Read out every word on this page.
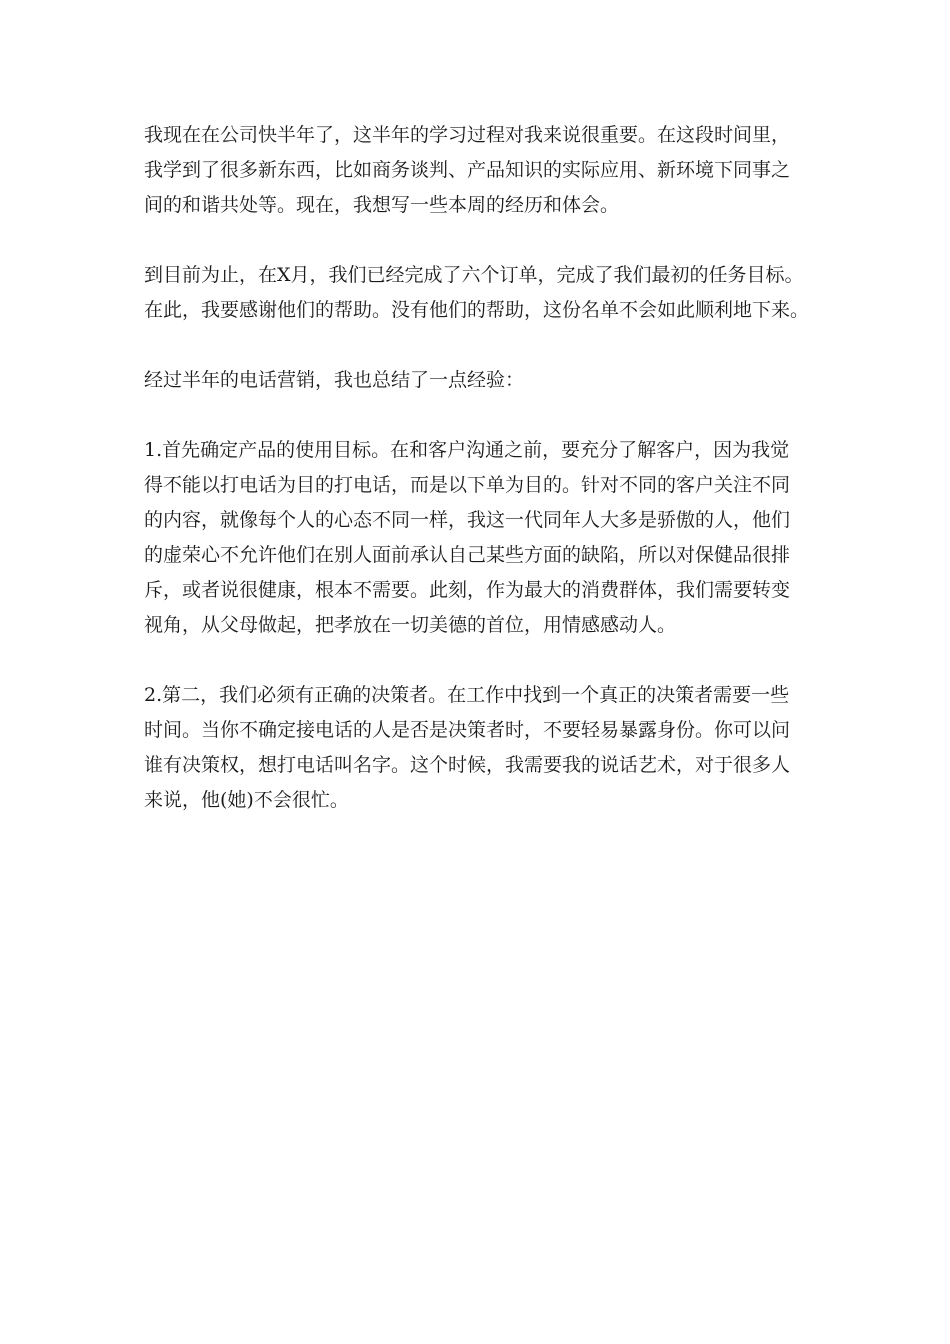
我现在在公司快半年了，这半年的学习过程对我来说很重要。在这段时间里，
我学到了很多新东西，比如商务谈判、产品知识的实际应用、新环境下同事之
间的和谐共处等。现在，我想写一些本周的经历和体会。

到目前为止，在X月，我们已经完成了六个订单，完成了我们最初的任务目标。
在此，我要感谢他们的帮助。没有他们的帮助，这份名单不会如此顺利地下来。

经过半年的电话营销，我也总结了一点经验：

1.首先确定产品的使用目标。在和客户沟通之前，要充分了解客户，因为我觉
得不能以打电话为目的打电话，而是以下单为目的。针对不同的客户关注不同
的内容，就像每个人的心态不同一样，我这一代同年人大多是骄傲的人，他们
的虚荣心不允许他们在别人面前承认自己某些方面的缺陷，所以对保健品很排
斥，或者说很健康，根本不需要。此刻，作为最大的消费群体，我们需要转变
视角，从父母做起，把孝放在一切美德的首位，用情感感动人。

2.第二，我们必须有正确的决策者。在工作中找到一个真正的决策者需要一些
时间。当你不确定接电话的人是否是决策者时，不要轻易暴露身份。你可以问
谁有决策权，想打电话叫名字。这个时候，我需要我的说话艺术，对于很多人
来说，他(她)不会很忙。
